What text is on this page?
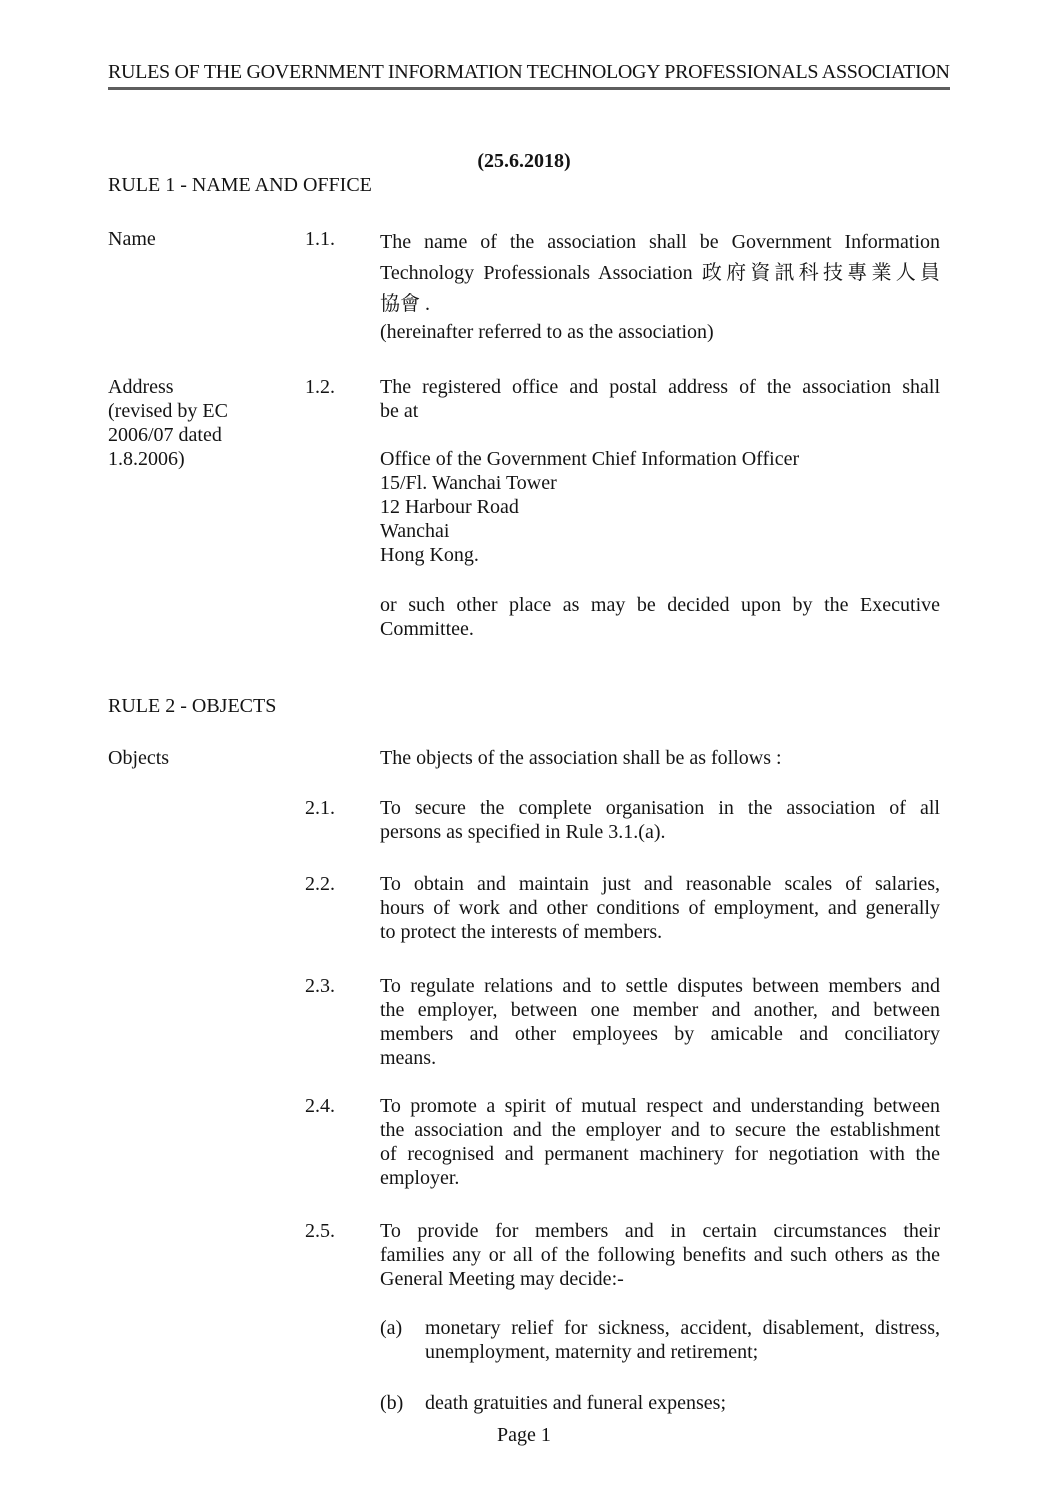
RULES OF THE GOVERNMENT INFORMATION TECHNOLOGY PROFESSIONALS ASSOCIATION
(25.6.2018)
RULE 1 - NAME AND OFFICE
Name	1.1.	The name of the association shall be Government Information
Technology Professionals Association 政府資訊科技專業人員
協會 .
(hereinafter referred to as the association)
Address
(revised by EC
2006/07 dated
1.8.2006)
1.2.	The registered office and postal address of the association shall
be at
Office of the Government Chief Information Officer
15/Fl. Wanchai Tower
12 Harbour Road
Wanchai
Hong Kong.
or such other place as may be decided upon by the Executive
Committee.
RULE 2 - OBJECTS
Objects	The objects of the association shall be as follows :
2.1.	To secure the complete organisation in the association of all
persons as specified in Rule 3.1.(a).
2.2.	To obtain and maintain just and reasonable scales of salaries,
hours of work and other conditions of employment, and generally
to protect the interests of members.
2.3.	To regulate relations and to settle disputes between members and
the employer, between one member and another, and between
members and other employees by amicable and conciliatory
means.
2.4.	To promote a spirit of mutual respect and understanding between
the association and the employer and to secure the establishment
of recognised and permanent machinery for negotiation with the
employer.
2.5.	To provide for members and in certain circumstances their
families any or all of the following benefits and such others as the
General Meeting may decide:-
(a)	monetary relief for sickness, accident, disablement, distress,
unemployment, maternity and retirement;
(b)	death gratuities and funeral expenses;
Page 1
